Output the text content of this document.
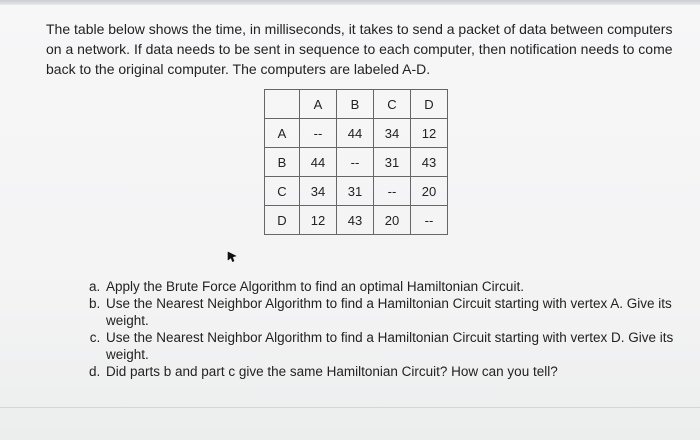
The table below shows the time, in milliseconds, it takes to send a packet of data between computers on a network. If data needs to be sent in sequence to each computer, then notification needs to come back to the original computer. The computers are labeled A-D.

	A	B	C	D
A	--	44	34	12
B	44	--	31	43
C	34	31	--	20
D	12	43	20	--
a. Apply the Brute Force Algorithm to find an optimal Hamiltonian Circuit.
b. Use the Nearest Neighbor Algorithm to find a Hamiltonian Circuit starting with vertex A. Give its weight.
c. Use the Nearest Neighbor Algorithm to find a Hamiltonian Circuit starting with vertex D. Give its weight.
d. Did parts b and part c give the same Hamiltonian Circuit? How can you tell?
